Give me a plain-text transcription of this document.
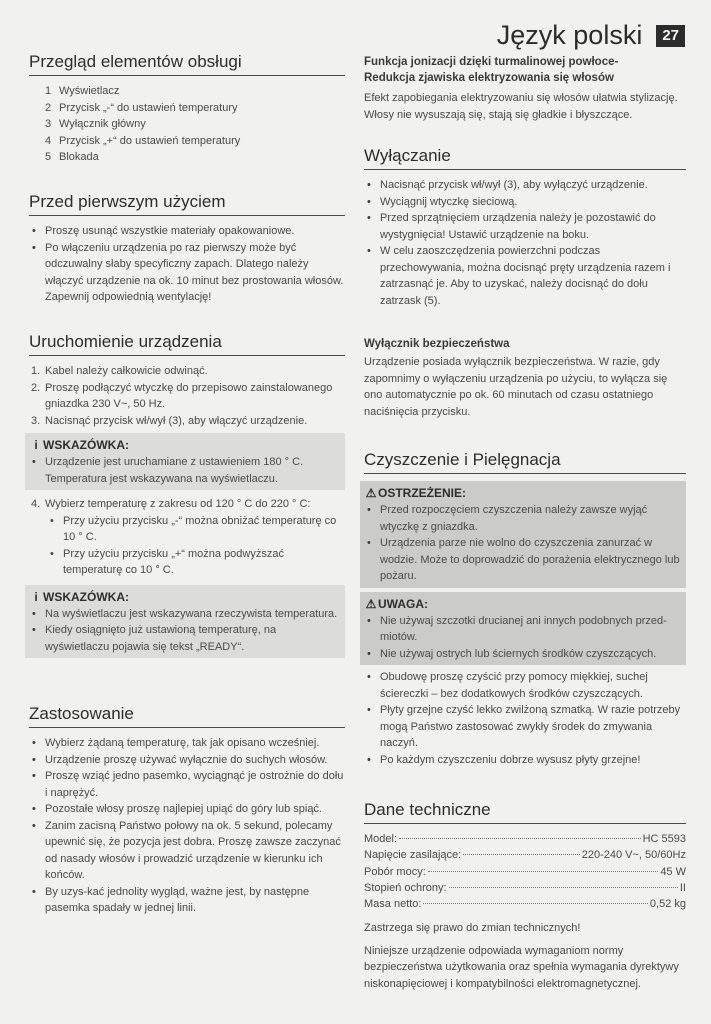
Język polski	27
Przegląd elementów obsługi
1 Wyświetlacz
2 Przycisk „-“ do ustawień temperatury
3 Wyłącznik główny
4 Przycisk „+“ do ustawień temperatury
5 Blokada
Przed pierwszym użyciem
• Proszę usunąć wszystkie materiały opakowaniowe.
• Po włączeniu urządzenia po raz pierwszy może być odczuwalny słaby specyficzny zapach. Dlatego należy włączyć urządzenie na ok. 10 minut bez prostowania włosów. Zapewnij odpowiednią wentylację!
Uruchomienie urządzenia
1. Kabel należy całkowicie odwinąć.
2. Proszę podłączyć wtyczkę do przepisowo zainstalowanego gniazdka 230 V~, 50 Hz.
3. Nacisnąć przycisk wł/wył (3), aby włączyć urządzenie.
i WSKAZÓWKA:
• Urządzenie jest uruchamiane z ustawieniem 180 ° C. Temperatura jest wskazywana na wyświetlaczu.
4. Wybierz temperaturę z zakresu od 120 ° C do 220 ° C:
• Przy użyciu przycisku „-“ można obniżać temperaturę co 10 ° C.
• Przy użyciu przycisku „+“ można podwyższać temperaturę co 10 ° C.
i WSKAZÓWKA:
• Na wyświetlaczu jest wskazywana rzeczywista temperatura.
• Kiedy osiągnięto już ustawioną temperaturę, na wyświetlaczu pojawia się tekst „READY“.
Zastosowanie
• Wybierz żądaną temperaturę, tak jak opisano wcześniej.
• Urządzenie proszę używać wyłącznie do suchych włosów.
• Proszę wziąć jedno pasemko, wyciągnąć je ostrożnie do dołu i naprężyć.
• Pozostałe włosy proszę najlepiej upiąć do góry lub spiąć.
• Zanim zacisną Państwo połowy na ok. 5 sekund, polecamy upewnić się, że pozycja jest dobra. Proszę zawsze zaczynać od nasady włosów i prowadzić urządzenie w kierunku ich końców.
• By uzys-kać jednolity wygląd, ważne jest, by następne pasemka spadały w jednej linii.
Funkcja jonizacji dzięki turmalinowej powłoce-
Redukcja zjawiska elektryzowania się włosów

Efekt zapobiegania elektryzowaniu się włosów ułatwia stylizację. Włosy nie wysuszają się, stają się gładkie i błyszczące.

Wyłączanie
• Nacisnąć przycisk wł/wył (3), aby wyłączyć urządzenie.
• Wyciągnij wtyczkę sieciową.
• Przed sprzątnięciem urządzenia należy je pozostawić do wystygnięcia! Ustawić urządzenie na boku.
• W celu zaoszczędzenia powierzchni podczas przechowywania, można docisnąć pręty urządzenia razem i zatrzasnąć je. Aby to uzyskać, należy docisnąć do dołu zatrzask (5).
Wyłącznik bezpieczeństwa

Urządzenie posiada wyłącznik bezpieczeństwa. W razie, gdy zapomnimy o wyłączeniu urządzenia po użyciu, to wyłącza się ono automatycznie po ok. 60 minutach od czasu ostatniego naciśnięcia przycisku.

Czyszczenie i Pielęgnacja
⚠ OSTRZEŻENIE:
• Przed rozpoczęciem czyszczenia należy zawsze wyjąć wtyczkę z gniazdka.
• Urządzenia parze nie wolno do czyszczenia zanurzać w wodzie. Może to doprowadzić do porażenia elektrycznego lub pożaru.
⚠ UWAGA:
• Nie używaj szczotki drucianej ani innych podobnych przed-miotów.
• Nie używaj ostrych lub ściernych środków czyszczących.
• Obudowę proszę czyścić przy pomocy miękkiej, suchej ściereczki – bez dodatkowych środków czyszczących.
• Płyty grzejne czyść lekko zwilżoną szmatką. W razie potrzeby mogą Państwo zastosować zwykły środek do zmywania naczyń.
• Po każdym czyszczeniu dobrze wysusz płyty grzejne!
Dane techniczne
Model:	HC 5593
Napięcie zasilające:	220-240 V~, 50/60Hz
Pobór mocy:	45 W
Stopień ochrony:	II
Masa netto:	0,52 kg

Zastrzega się prawo do zmian technicznych!

Niniejsze urządzenie odpowiada wymaganiom normy bezpieczeństwa użytkowania oraz spełnia wymagania dyrektywy niskonapięciowej i kompatybilności elektromagnetycznej.
